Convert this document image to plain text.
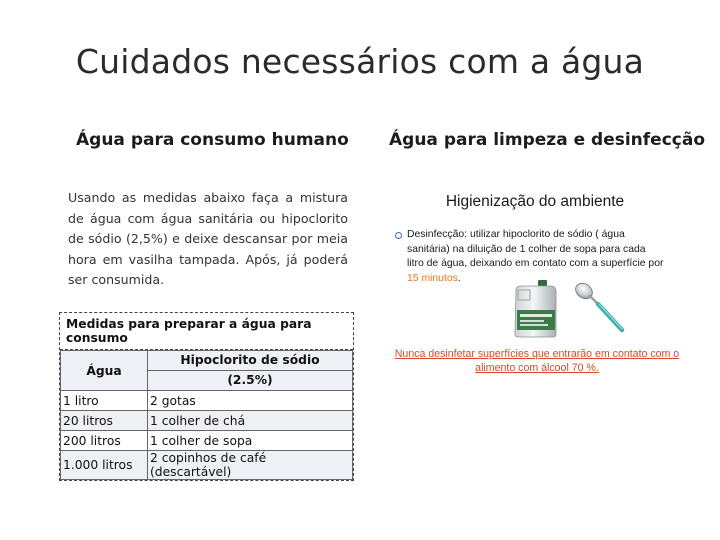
Cuidados necessários com a água
Água para consumo humano Água para limpeza e desinfecção
Usando as medidas abaixo faça a mistura de água com água sanitária ou hipoclorito de sódio (2,5%) e deixe descansar por meia hora em vasilha tampada. Após, já poderá ser consumida.
Medidas para preparar a água para consumo
Água	Hipoclorito de sódio
	(2.5%)
1 litro	2 gotas
20 litros	1 colher de chá
200 litros	1 colher de sopa
1.000 litros	2 copinhos de café (descartável)
Higienização do ambiente
Desinfecção: utilizar hipoclorito de sódio ( água sanitária) na diluição de 1 colher de sopa para cada litro de água, deixando em contato com a superfície por 15 minutos.
Nunca desinfetar superfícies que entrarão em contato com o alimento com álcool 70 %.
